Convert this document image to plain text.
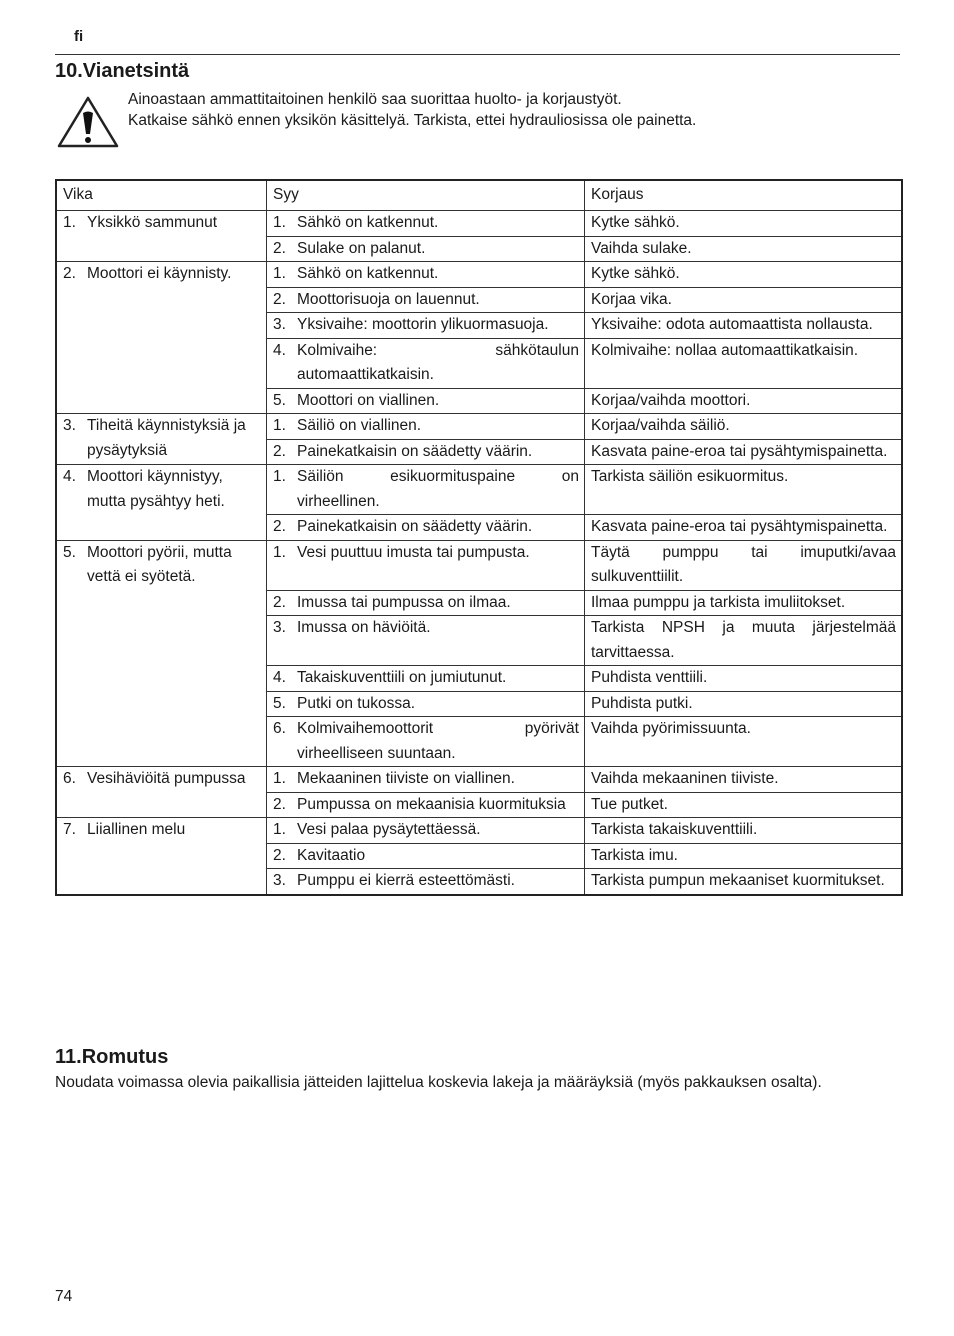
fi
10.Vianetsintä
Ainoastaan ammattitaitoinen henkilö saa suorittaa huolto- ja korjaustyöt.
Katkaise sähkö ennen yksikön käsittelyä. Tarkista, ettei hydrauliosissa ole painetta.
Vika	Syy	Korjaus

1. Yksikkö sammunut	1. Sähkö on katkennut.	Kytke sähkö.

	2. Sulake on palanut.	Vaihda sulake.

2. Moottori ei käynnisty.	1. Sähkö on katkennut.	Kytke sähkö.

	2. Moottorisuoja on lauennut.	Korjaa vika.

	3. Yksivaihe: moottorin ylikuormasuoja.	Yksivaihe: odota automaattista nollausta.

	4. Kolmivaihe: sähkötaulun automaattikatkaisin.	Kolmivaihe: nollaa automaattikatkaisin.

	5. Moottori on viallinen.	Korjaa/vaihda moottori.

3. Tiheitä käynnistyksiä ja pysäytyksiä	1. Säiliö on viallinen.	Korjaa/vaihda säiliö.

	2. Painekatkaisin on säädetty väärin.	Kasvata paine-eroa tai pysähtymispainetta.

4. Moottori käynnistyy, mutta pysähtyy heti.	1. Säiliön esikuormituspaine on virheellinen.	Tarkista säiliön esikuormitus.

	2. Painekatkaisin on säädetty väärin.	Kasvata paine-eroa tai pysähtymispainetta.

5. Moottori pyörii, mutta vettä ei syötetä.	1. Vesi puuttuu imusta tai pumpusta.	Täytä pumppu tai imuputki/avaa sulkuventtiilit.

	2. Imussa tai pumpussa on ilmaa.	Ilmaa pumppu ja tarkista imuliitokset.

	3. Imussa on häviöitä.	Tarkista NPSH ja muuta järjestelmää tarvittaessa.

	4. Takaiskuventtiili on jumiutunut.	Puhdista venttiili.

	5. Putki on tukossa.	Puhdista putki.

	6. Kolmivaihemoottorit pyörivät virheelliseen suuntaan.	Vaihda pyörimissuunta.

6. Vesihäviöitä pumpussa	1. Mekaaninen tiiviste on viallinen.	Vaihda mekaaninen tiiviste.

	2. Pumpussa on mekaanisia kuormituksia	Tue putket.

7. Liiallinen melu	1. Vesi palaa pysäytettäessä.	Tarkista takaiskuventtiili.

	2. Kavitaatio	Tarkista imu.

	3. Pumppu ei kierrä esteettömästi.	Tarkista pumpun mekaaniset kuormitukset.
11.Romutus
Noudata voimassa olevia paikallisia jätteiden lajittelua koskevia lakeja ja määräyksiä (myös pakkauksen osalta).
74
